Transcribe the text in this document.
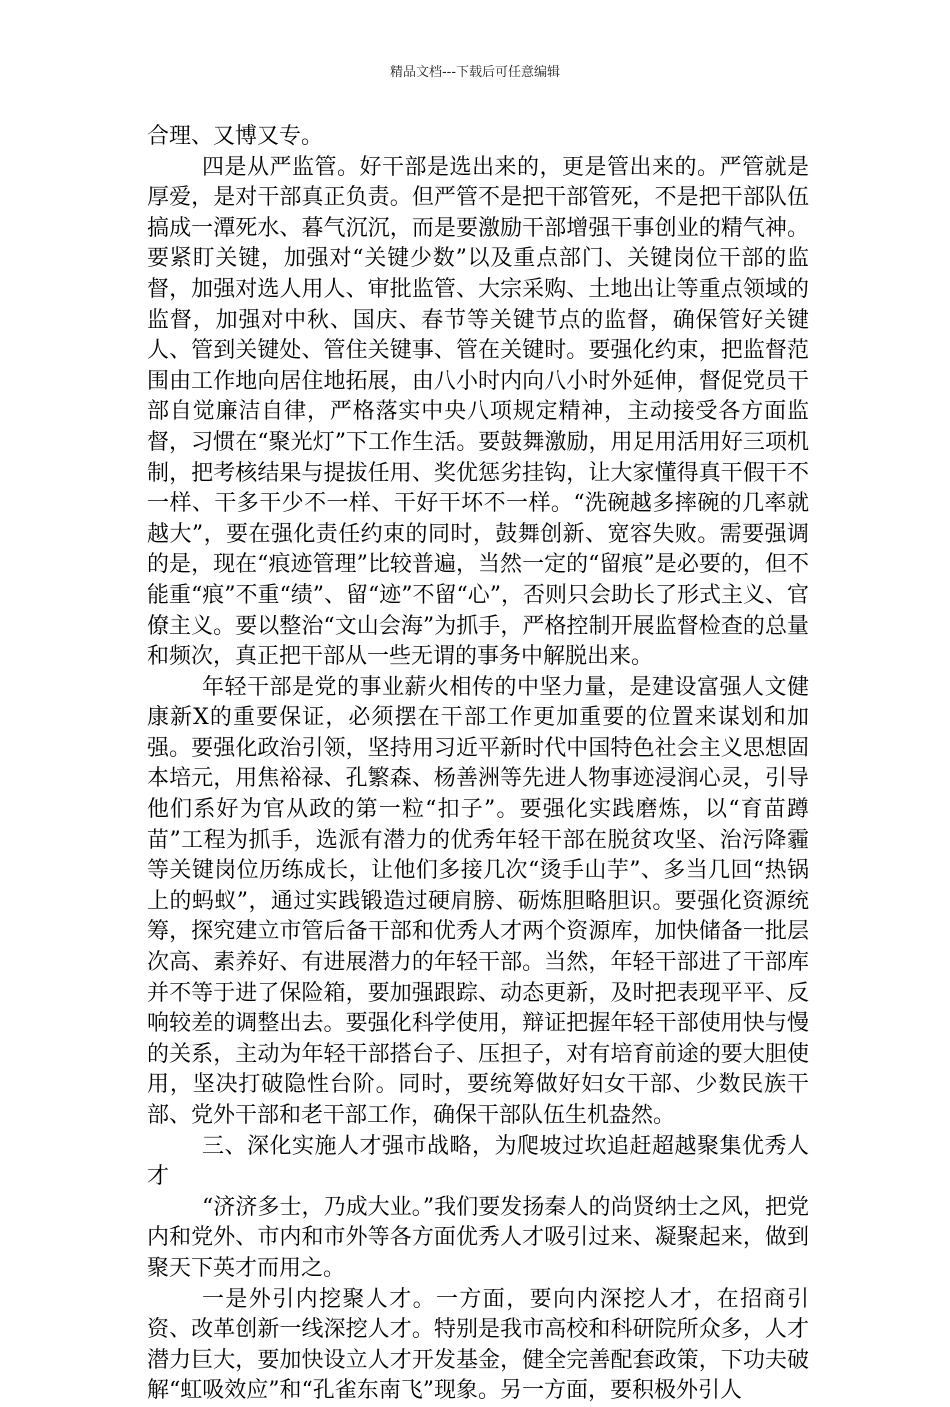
精品文档---下载后可任意编辑

合理、又博又专。

四是从严监管。好干部是选出来的，更是管出来的。严管就是厚爱，是对干部真正负责。但严管不是把干部管死，不是把干部队伍搞成一潭死水、暮气沉沉，而是要激励干部增强干事创业的精气神。要紧盯关键，加强对“关键少数”以及重点部门、关键岗位干部的监督，加强对选人用人、审批监管、大宗采购、土地出让等重点领域的监督，加强对中秋、国庆、春节等关键节点的监督，确保管好关键人、管到关键处、管住关键事、管在关键时。要强化约束，把监督范围由工作地向居住地拓展，由八小时内向八小时外延伸，督促党员干部自觉廉洁自律，严格落实中央八项规定精神，主动接受各方面监督，习惯在“聚光灯”下工作生活。要鼓舞激励，用足用活用好三项机制，把考核结果与提拔任用、奖优惩劣挂钩，让大家懂得真干假干不一样、干多干少不一样、干好干坏不一样。“洗碗越多摔碗的几率就越大”，要在强化责任约束的同时，鼓舞创新、宽容失败。需要强调的是，现在“痕迹管理”比较普遍，当然一定的“留痕”是必要的，但不能重“痕”不重“绩”、留“迹”不留“心”，否则只会助长了形式主义、官僚主义。要以整治“文山会海”为抓手，严格控制开展监督检查的总量和频次，真正把干部从一些无谓的事务中解脱出来。

年轻干部是党的事业薪火相传的中坚力量，是建设富强人文健康新X的重要保证，必须摆在干部工作更加重要的位置来谋划和加强。要强化政治引领，坚持用习近平新时代中国特色社会主义思想固本培元，用焦裕禄、孔繁森、杨善洲等先进人物事迹浸润心灵，引导他们系好为官从政的第一粒“扣子”。要强化实践磨炼，以“育苗蹲苗”工程为抓手，选派有潜力的优秀年轻干部在脱贫攻坚、治污降霾等关键岗位历练成长，让他们多接几次“烫手山芋”、多当几回“热锅上的蚂蚁”，通过实践锻造过硬肩膀、砺炼胆略胆识。要强化资源统筹，探究建立市管后备干部和优秀人才两个资源库，加快储备一批层次高、素养好、有进展潜力的年轻干部。当然，年轻干部进了干部库并不等于进了保险箱，要加强跟踪、动态更新，及时把表现平平、反响较差的调整出去。要强化科学使用，辩证把握年轻干部使用快与慢的关系，主动为年轻干部搭台子、压担子，对有培育前途的要大胆使用，坚决打破隐性台阶。同时，要统筹做好妇女干部、少数民族干部、党外干部和老干部工作，确保干部队伍生机盎然。

三、深化实施人才强市战略，为爬坡过坎追赶超越聚集优秀人才

“济济多士，乃成大业。”我们要发扬秦人的尚贤纳士之风，把党内和党外、市内和市外等各方面优秀人才吸引过来、凝聚起来，做到聚天下英才而用之。

一是外引内挖聚人才。一方面，要向内深挖人才，在招商引资、改革创新一线深挖人才。特别是我市高校和科研院所众多，人才潜力巨大，要加快设立人才开发基金，健全完善配套政策，下功夫破解“虹吸效应”和“孔雀东南飞”现象。另一方面，要积极外引人
